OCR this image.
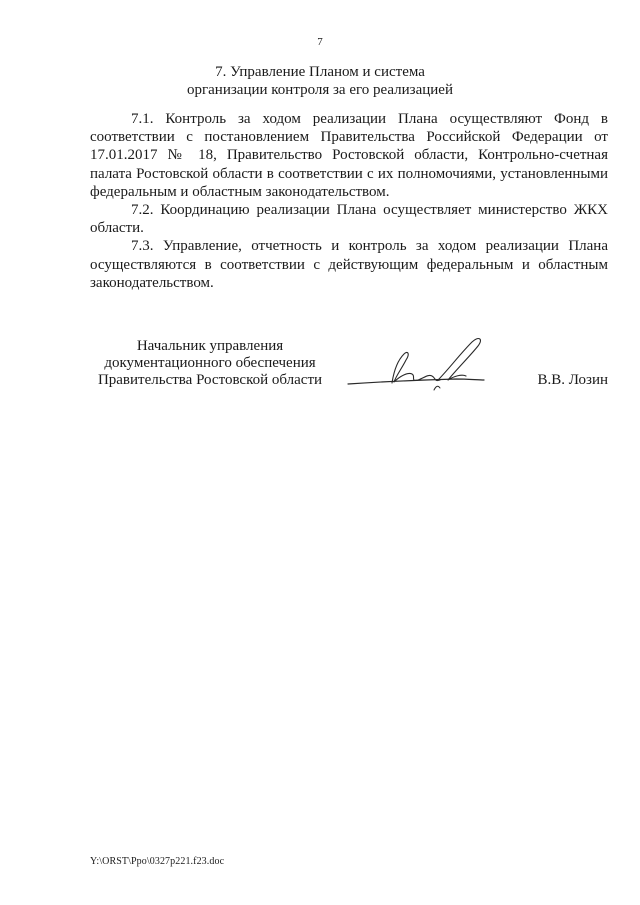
7
7. Управление Планом и система
организации контроля за его реализацией

7.1. Контроль за ходом реализации Плана осуществляют Фонд в соответствии с постановлением Правительства Российской Федерации от 17.01.2017 № 18, Правительство Ростовской области, Контрольно-счетная палата Ростовской области в соответствии с их полномочиями, установленными федеральным и областным законодательством.

7.2. Координацию реализации Плана осуществляет министерство ЖКХ области.

7.3. Управление, отчетность и контроль за ходом реализации Плана осуществляются в соответствии с действующим федеральным и областным законодательством.

Начальник управления
документационного обеспечения
Правительства Ростовской области	В.В. Лозин
Y:\ORST\Ppo\0327p221.f23.doc
